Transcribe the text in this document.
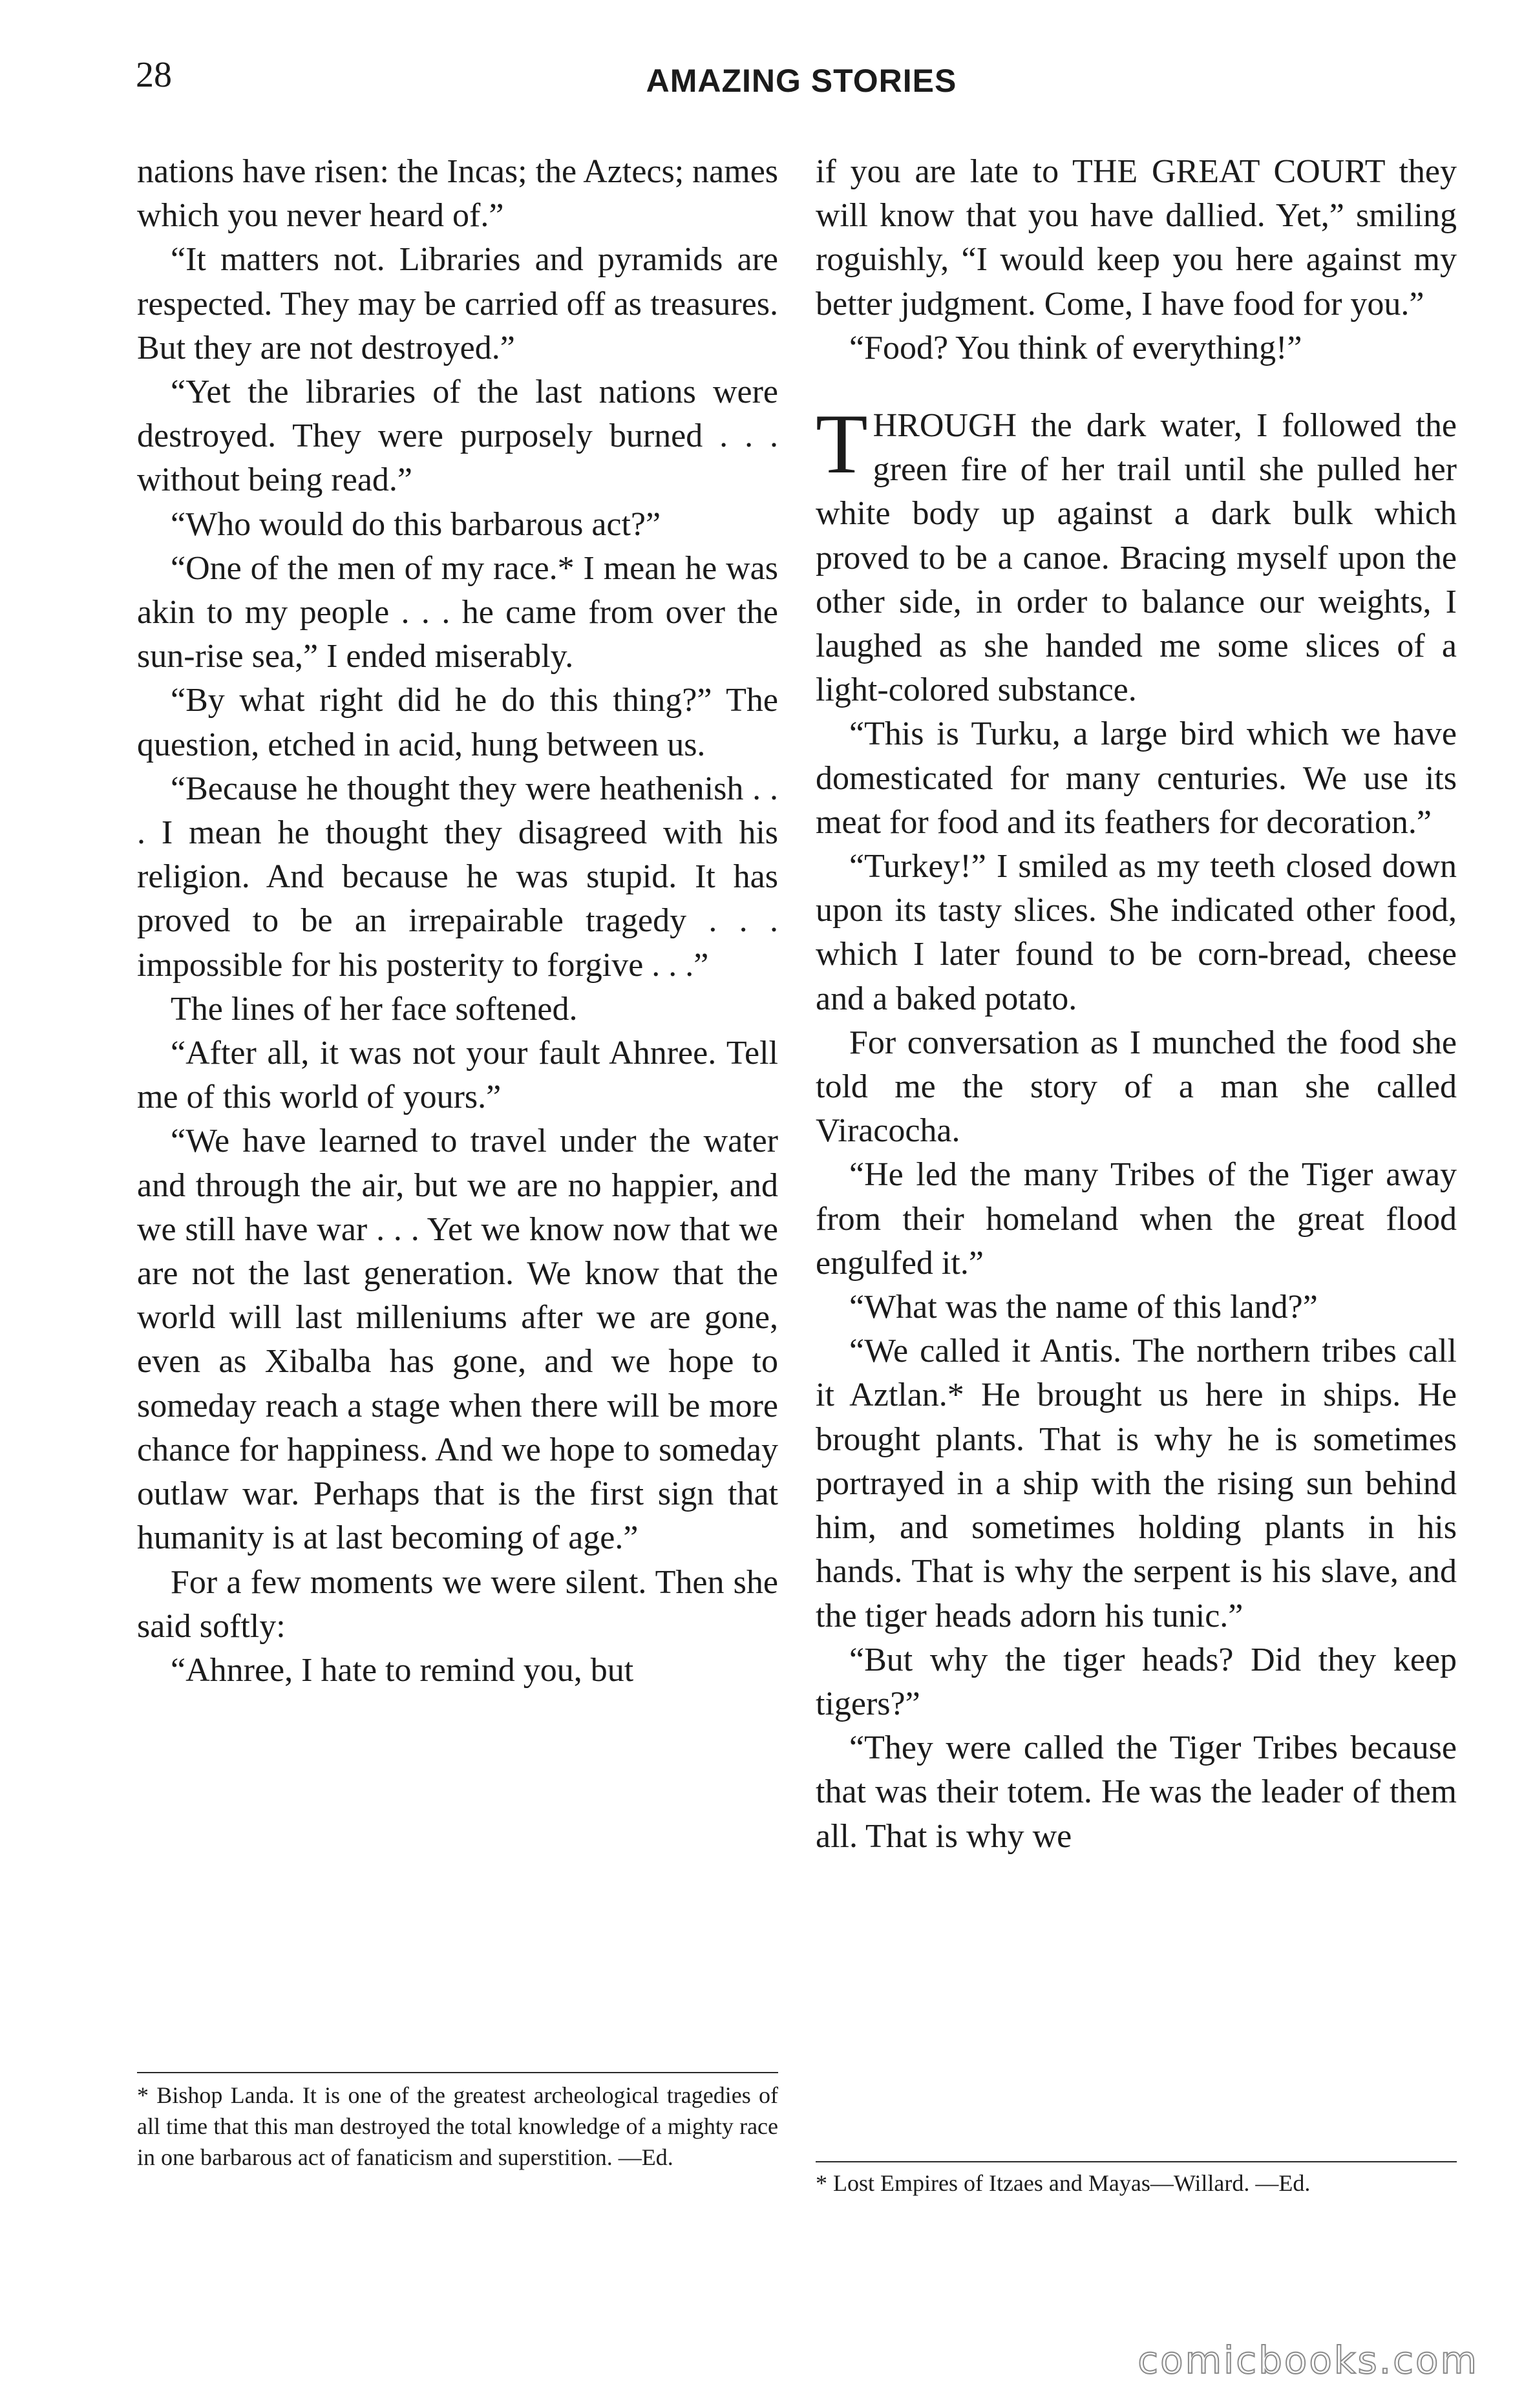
28	AMAZING STORIES

nations have risen: the Incas; the Aztecs; names which you never heard of.”

“It matters not. Libraries and pyramids are respected. They may be carried off as treasures. But they are not destroyed.”

“Yet the libraries of the last nations were destroyed. They were purposely burned . . . without being read.”

“Who would do this barbarous act?”

“One of the men of my race.* I mean he was akin to my people . . . he came from over the sun-rise sea,” I ended miserably.

“By what right did he do this thing?” The question, etched in acid, hung between us.

“Because he thought they were heathenish . . . I mean he thought they disagreed with his religion. And because he was stupid. It has proved to be an irrepairable tragedy . . . impossible for his posterity to forgive . . .”

The lines of her face softened.

“After all, it was not your fault Ahnree. Tell me of this world of yours.”

“We have learned to travel under the water and through the air, but we are no happier, and we still have war . . . Yet we know now that we are not the last generation. We know that the world will last milleniums after we are gone, even as Xibalba has gone, and we hope to someday reach a stage when there will be more chance for happiness. And we hope to someday outlaw war. Perhaps that is the first sign that humanity is at last becoming of age.”

For a few moments we were silent. Then she said softly:

“Ahnree, I hate to remind you, but

* Bishop Landa. It is one of the greatest archeological tragedies of all time that this man destroyed the total knowledge of a mighty race in one barbarous act of fanaticism and superstition. —Ed.

if you are late to THE GREAT COURT they will know that you have dallied. Yet,” smiling roguishly, “I would keep you here against my better judgment. Come, I have food for you.”

“Food? You think of everything!”

THROUGH the dark water, I followed the green fire of her trail until she pulled her white body up against a dark bulk which proved to be a canoe. Bracing myself upon the other side, in order to balance our weights, I laughed as she handed me some slices of a light-colored substance.

“This is Turku, a large bird which we have domesticated for many centuries. We use its meat for food and its feathers for decoration.”

“Turkey!” I smiled as my teeth closed down upon its tasty slices. She indicated other food, which I later found to be corn-bread, cheese and a baked potato.

For conversation as I munched the food she told me the story of a man she called Viracocha.

“He led the many Tribes of the Tiger away from their homeland when the great flood engulfed it.”

“What was the name of this land?”

“We called it Antis. The northern tribes call it Aztlan.* He brought us here in ships. He brought plants. That is why he is sometimes portrayed in a ship with the rising sun behind him, and sometimes holding plants in his hands. That is why the serpent is his slave, and the tiger heads adorn his tunic.”

“But why the tiger heads? Did they keep tigers?”

“They were called the Tiger Tribes because that was their totem. He was the leader of them all. That is why we

* Lost Empires of Itzaes and Mayas—Willard. —Ed.
comicbooks.com
